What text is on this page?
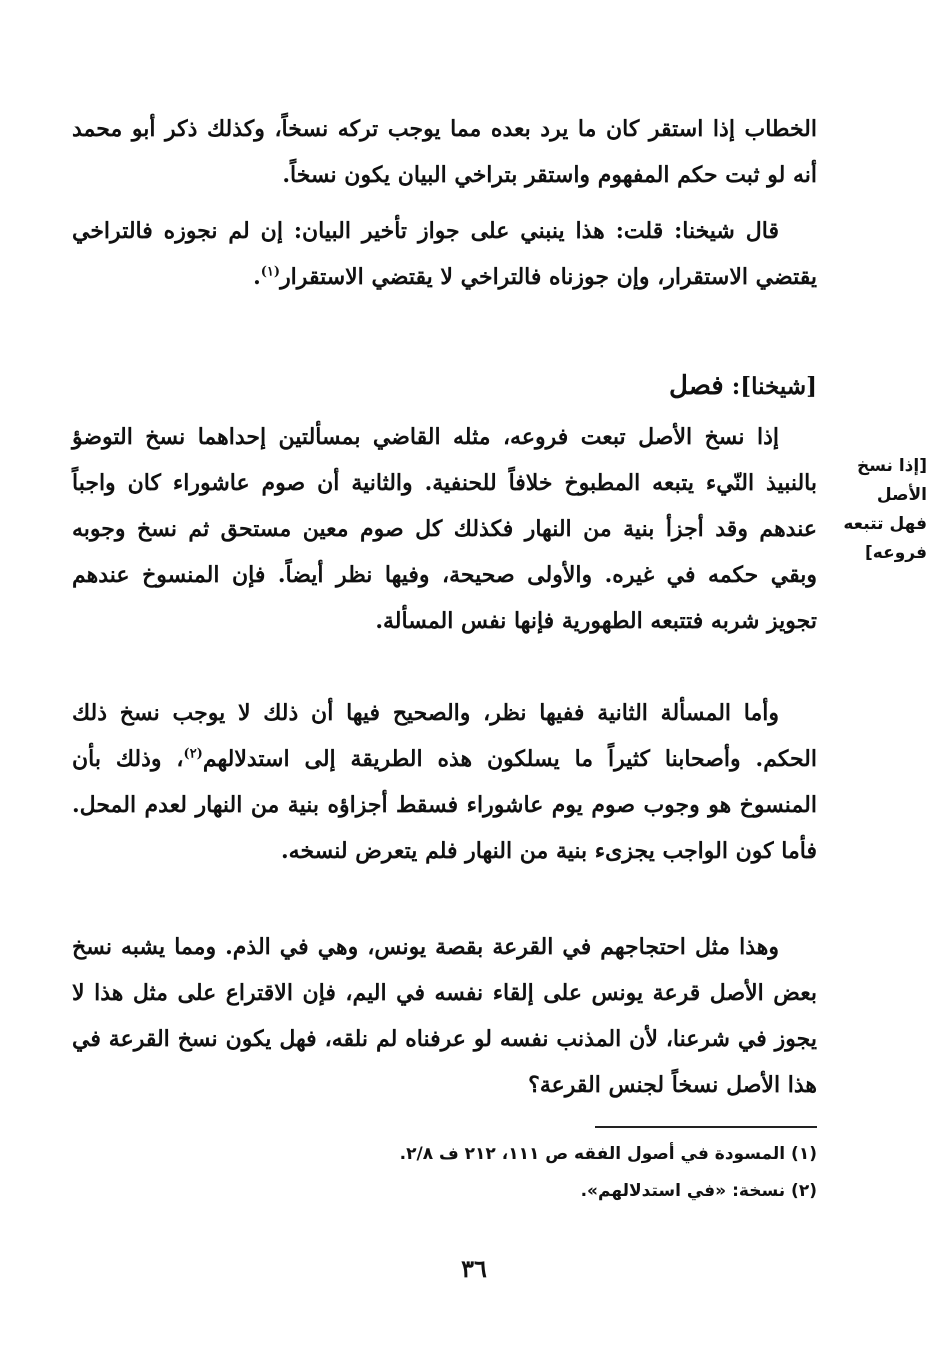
الخطاب إذا استقر كان ما يرد بعده مما يوجب تركه نسخاً، وكذلك ذكر أبو محمد أنه لو ثبت حكم المفهوم واستقر بتراخي البيان يكون نسخاً.
قال شيخنا: قلت: هذا ينبني على جواز تأخير البيان: إن لم نجوزه فالتراخي يقتضي الاستقرار، وإن جوزناه فالتراخي لا يقتضي الاستقرار$^{(١)}$.
[شيخنا]: فصل
إذا نسخ الأصل تبعت فروعه، مثله القاضي بمسألتين إحداهما نسخ التوضؤ بالنبيذ النّيء يتبعه المطبوخ خلافاً للحنفية. والثانية أن صوم عاشوراء كان واجباً عندهم وقد أجزأ بنية من النهار فكذلك كل صوم معين مستحق ثم نسخ وجوبه وبقي حكمه في غيره. والأولى صحيحة، وفيها نظر أيضاً. فإن المنسوخ عندهم تجويز شربه فتتبعه الطهورية فإنها نفس المسألة.
[إذا نسخ الأصل فهل تتبعه فروعه]
وأما المسألة الثانية ففيها نظر، والصحيح فيها أن ذلك لا يوجب نسخ ذلك الحكم. وأصحابنا كثيراً ما يسلكون هذه الطريقة إلى استدلالهم$^{(٢)}$، وذلك بأن المنسوخ هو وجوب صوم يوم عاشوراء فسقط أجزاؤه بنية من النهار لعدم المحل. فأما كون الواجب يجزىء بنية من النهار فلم يتعرض لنسخه.
وهذا مثل احتجاجهم في القرعة بقصة يونس، وهي في الذم. ومما يشبه نسخ بعض الأصل قرعة يونس على إلقاء نفسه في اليم، فإن الاقتراع على مثل هذا لا يجوز في شرعنا، لأن المذنب نفسه لو عرفناه لم نلقه، فهل يكون نسخ القرعة في هذا الأصل نسخاً لجنس القرعة؟
(١) المسودة في أصول الفقه ص ١١١، ٢١٢ ف ٢/٨.
(٢) نسخة: «في استدلالهم».
٣٦
